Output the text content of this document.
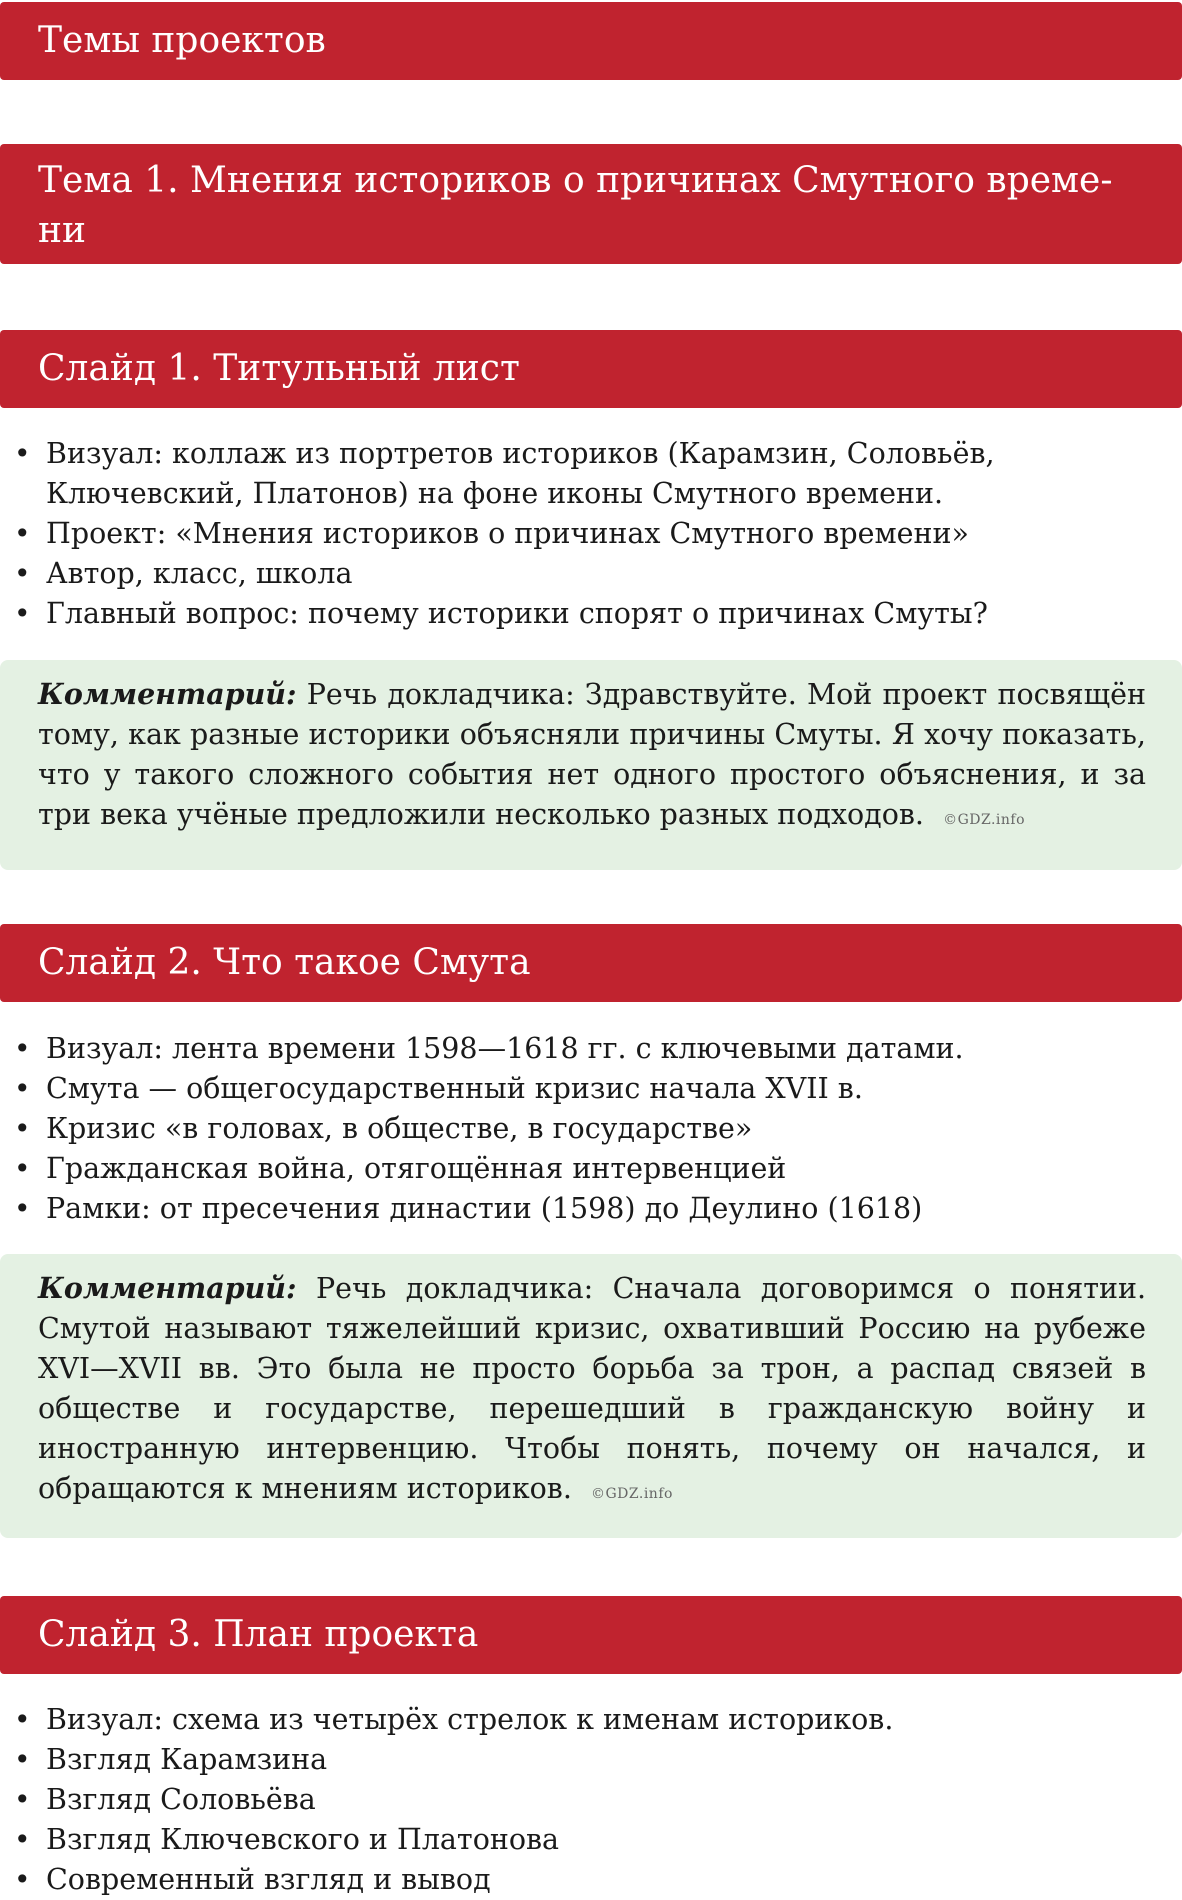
Темы проектов
Тема 1. Мнения историков о причинах Смутного време-ни
Слайд 1. Титульный лист
• Визуал: коллаж из портретов историков (Карамзин, Соловьёв, Ключевский, Платонов) на фоне иконы Смутного времени.
• Проект: «Мнения историков о причинах Смутного времени»
• Автор, класс, школа
• Главный вопрос: почему историки спорят о причинах Смуты?
Комментарий: Речь докладчика: Здравствуйте. Мой проект посвящён тому, как разные историки объясняли причины Смуты. Я хочу показать, что у такого сложного события нет одного простого объяснения, и за три века учёные предложили несколько разных подходов. ©GDZ.info
Слайд 2. Что такое Смута
• Визуал: лента времени 1598—1618 гг. с ключевыми датами.
• Смута — общегосударственный кризис начала XVII в.
• Кризис «в головах, в обществе, в государстве»
• Гражданская война, отягощённая интервенцией
• Рамки: от пресечения династии (1598) до Деулино (1618)
Комментарий: Речь докладчика: Сначала договоримся о понятии. Смутой называют тяжелейший кризис, охвативший Россию на рубеже XVI—XVII вв. Это была не просто борьба за трон, а распад связей в обществе и государстве, перешедший в гражданскую войну и иностранную интервенцию. Чтобы понять, почему он начался, и обращаются к мнениям историков. ©GDZ.info
Слайд 3. План проекта
• Визуал: схема из четырёх стрелок к именам историков.
• Взгляд Карамзина
• Взгляд Соловьёва
• Взгляд Ключевского и Платонова
• Современный взгляд и вывод
